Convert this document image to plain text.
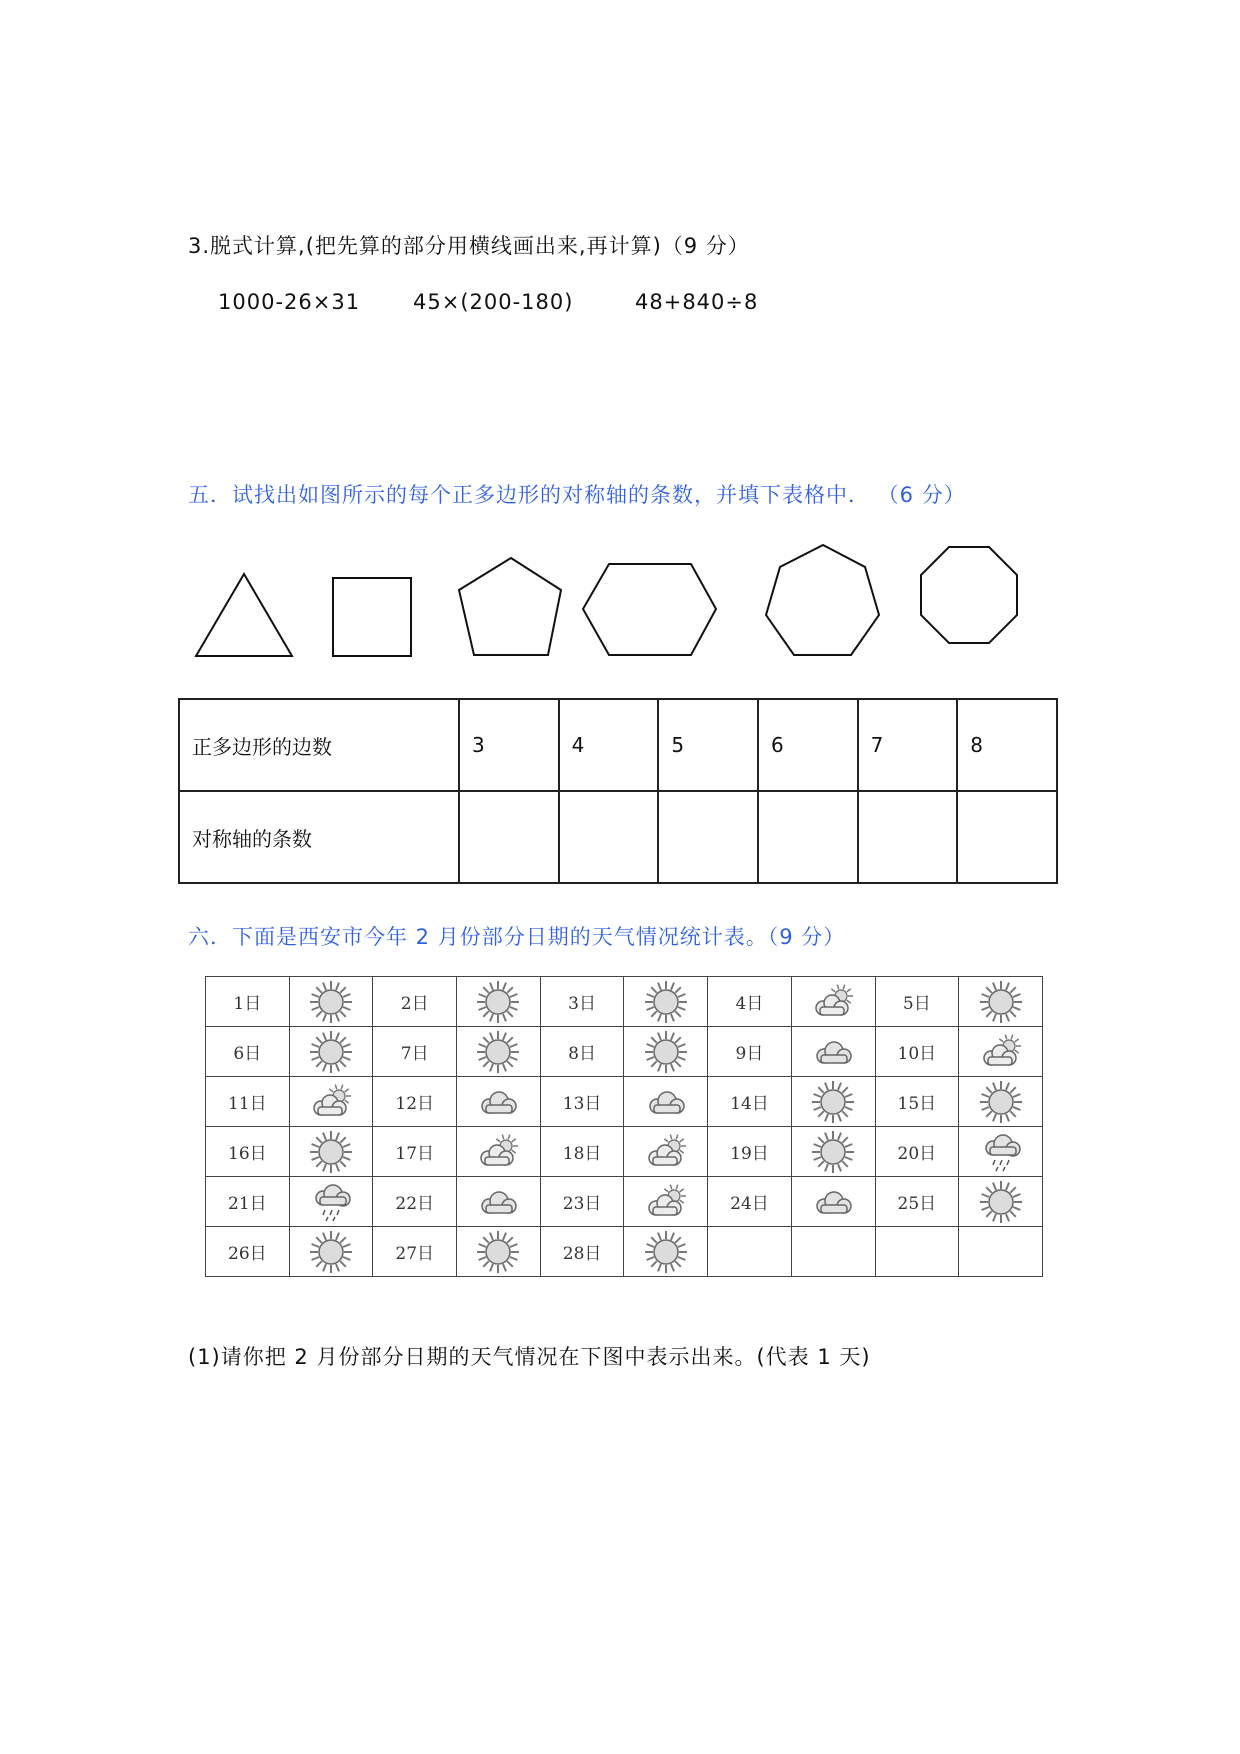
3.脱式计算,(把先算的部分用横线画出来,再计算)（9 分）
1000-26×31	45×(200-180)	48+840÷8
五．试找出如图所示的每个正多边形的对称轴的条数，并填下表格中． （6 分）
正多边形的边数	3	4	5	6	7	8
对称轴的条数						
六．下面是西安市今年 2 月份部分日期的天气情况统计表。（9 分）
1日		2日		3日		4日		5日	

6日		7日		8日		9日		10日	

11日		12日		13日		14日		15日	

16日		17日		18日		19日		20日	

21日		22日		23日		24日		25日	

26日		27日		28日	

(1)请你把 2 月份部分日期的天气情况在下图中表示出来。(代表 1 天)
